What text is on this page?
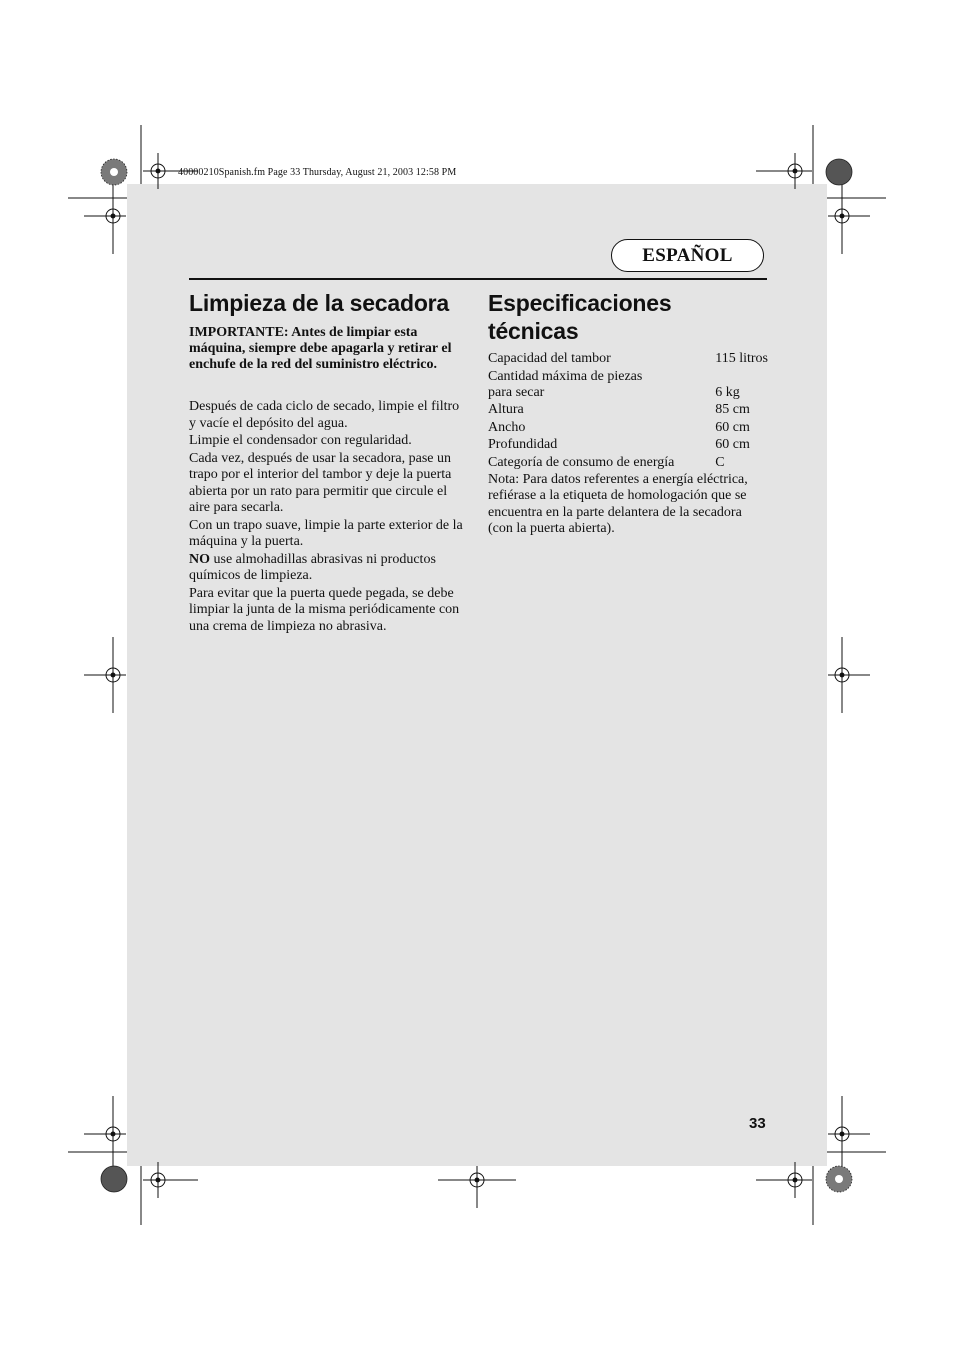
40000210Spanish.fm Page 33 Thursday, August 21, 2003 12:58 PM
ESPAÑOL
Limpieza de la secadora

IMPORTANTE: Antes de limpiar esta máquina, siempre debe apagarla y retirar el enchufe de la red del suministro eléctrico.

Después de cada ciclo de secado, limpie el filtro y vacíe el depósito del agua.

Limpie el condensador con regularidad.

Cada vez, después de usar la secadora, pase un trapo por el interior del tambor y deje la puerta abierta por un rato para permitir que circule el aire para secarla.

Con un trapo suave, limpie la parte exterior de la máquina y la puerta.

NO use almohadillas abrasivas ni productos químicos de limpieza.

Para evitar que la puerta quede pegada, se debe limpiar la junta de la misma periódicamente con una crema de limpieza no abrasiva.

Especificaciones técnicas
Capacidad del tambor	115 litros
Cantidad máxima de piezas para secar	6 kg
Altura	85 cm
Ancho	60 cm
Profundidad	60 cm
Categoría de consumo de energía	C

Nota: Para datos referentes a energía eléctrica, refiérase a la etiqueta de homologación que se encuentra en la parte delantera de la secadora (con la puerta abierta).

33
